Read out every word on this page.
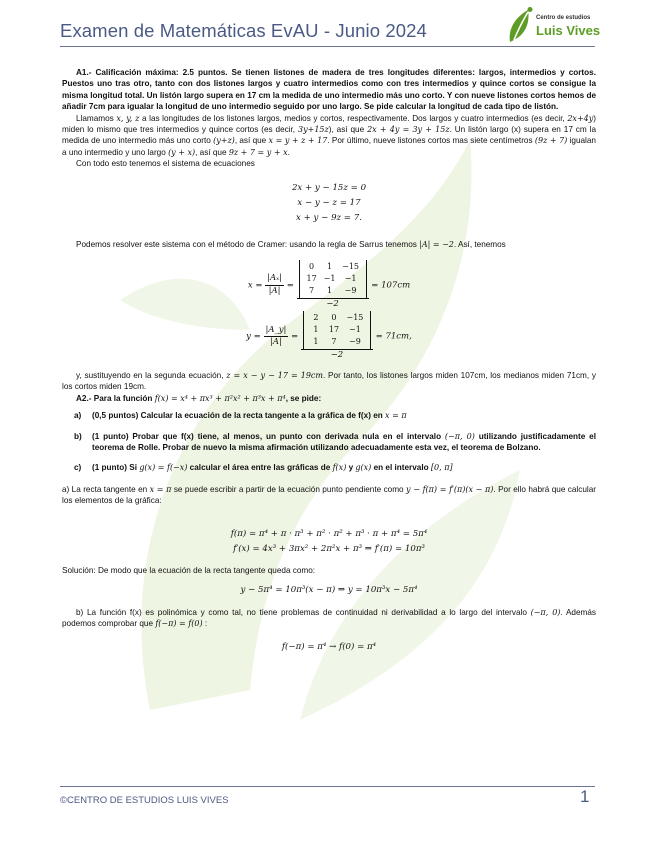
Examen de Matemáticas EvAU - Junio 2024
Centro de estudios
Luis Vives

A1.- Calificación máxima: 2.5 puntos. Se tienen listones de madera de tres longitudes diferentes: largos, intermedios y cortos. Puestos uno tras otro, tanto con dos listones largos y cuatro intermedios como con tres intermedios y quince cortos se consigue la misma longitud total. Un listón largo supera en 17 cm la medida de uno intermedio más uno corto. Y con nueve listones cortos hemos de añadir 7cm para igualar la longitud de uno intermedio seguido por uno largo. Se pide calcular la longitud de cada tipo de listón.

Llamamos x, y, z a las longitudes de los listones largos, medios y cortos, respectivamente. Dos largos y cuatro intermedios (es decir, 2x+4y) miden lo mismo que tres intermedios y quince cortos (es decir, 3y+15z), así que 2x + 4y = 3y + 15z. Un listón largo (x) supera en 17 cm la medida de uno intermedio más uno corto (y+z), así que x = y + z + 17. Por último, nueve listones cortos mas siete centímetros (9z + 7) igualan a uno intermedio y uno largo (y + x), así que 9z + 7 = y + x.

Con todo esto tenemos el sistema de ecuaciones

2x + y − 15z = 0
x − y − z = 17
x + y − 9z = 7.

Podemos resolver este sistema con el método de Cramer: usando la regla de Sarrus tenemos |A| = −2. Así, tenemos

$x = \frac{\text{|Aₓ|}}{|A|} = 0$	1	−15
17 −1	−1
7	1	−9
−2 = 107cm
$y = \frac{|A\_y|}{|A|} = 2$	0	−15
1	17	−1
1	7	−9
−2 = 71cm,

y, sustituyendo en la segunda ecuación, z = x − y − 17 = 19cm. Por tanto, los listones largos miden 107cm, los medianos miden 71cm, y los cortos miden 19cm.

A2.- Para la función f(x) = x⁴ + πx³ + π²x² + π³x + π⁴, se pide:

a) (0,5 puntos) Calcular la ecuación de la recta tangente a la gráfica de f(x) en x = π
b) (1 punto) Probar que f(x) tiene, al menos, un punto con derivada nula en el intervalo (−π, 0) utilizando justificadamente el teorema de Rolle. Probar de nuevo la misma afirmación utilizando adecuadamente esta vez, el teorema de Bolzano.
c) (1 punto) Si g(x) = f(−x) calcular el área entre las gráficas de f(x) y g(x) en el intervalo [0, π]

a) La recta tangente en x = π se puede escribir a partir de la ecuación punto pendiente como y − f(π) = f′(π)(x − π). Por ello habrá que calcular los elementos de la gráfica:

f(π) = π⁴ + π · π³ + π² · π² + π³ · π + π⁴ = 5π⁴
f′(x) = 4x³ + 3πx² + 2π²x + π³ ⇒ f′(π) = 10π³

Solución: De modo que la ecuación de la recta tangente queda como:

y − 5π⁴ = 10π³(x − π) ⇒ y = 10π³x − 5π⁴

b) La función f(x) es polinómica y como tal, no tiene problemas de continuidad ni derivabilidad a lo largo del intervalo (−π, 0). Además podemos comprobar que f(−π) = f(0) :

f(−π) = π⁴ → f(0) = π⁴
©CENTRO DE ESTUDIOS LUIS VIVES	1
